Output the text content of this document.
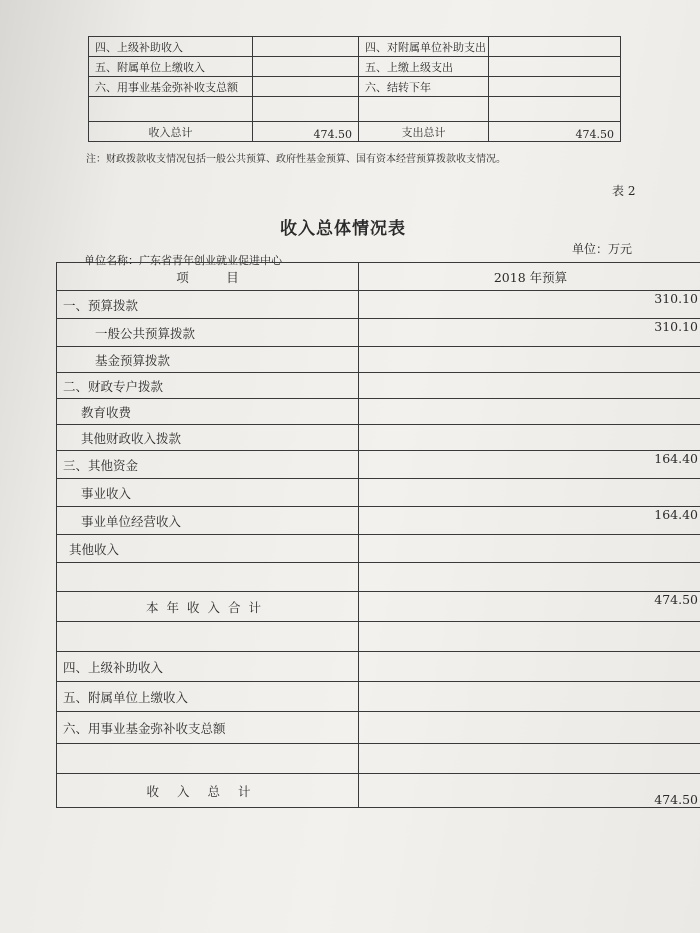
四、上级补助收入		四、对附属单位补助支出	
五、附属单位上缴收入		五、上缴上级支出	
六、用事业基金弥补收支总额		六、结转下年	

收入总计	474.50	支出总计	474.50
注：财政拨款收支情况包括一般公共预算、政府性基金预算、国有资本经营预算拨款收支情况。
表 2
收入总体情况表
单位：万元
单位名称：广东省青年创业就业促进中心
项　　　目	2018 年预算
一、预算拨款	310.10
一般公共预算拨款	310.10
基金预算拨款	
二、财政专户拨款	
教育收费	
其他财政收入拨款	
三、其他资金	164.40
事业收入	
事业单位经营收入	164.40
其他收入	

本年收入合计	474.50

四、上级补助收入	
五、附属单位上缴收入	
六、用事业基金弥补收支总额	

收入总计	474.50
